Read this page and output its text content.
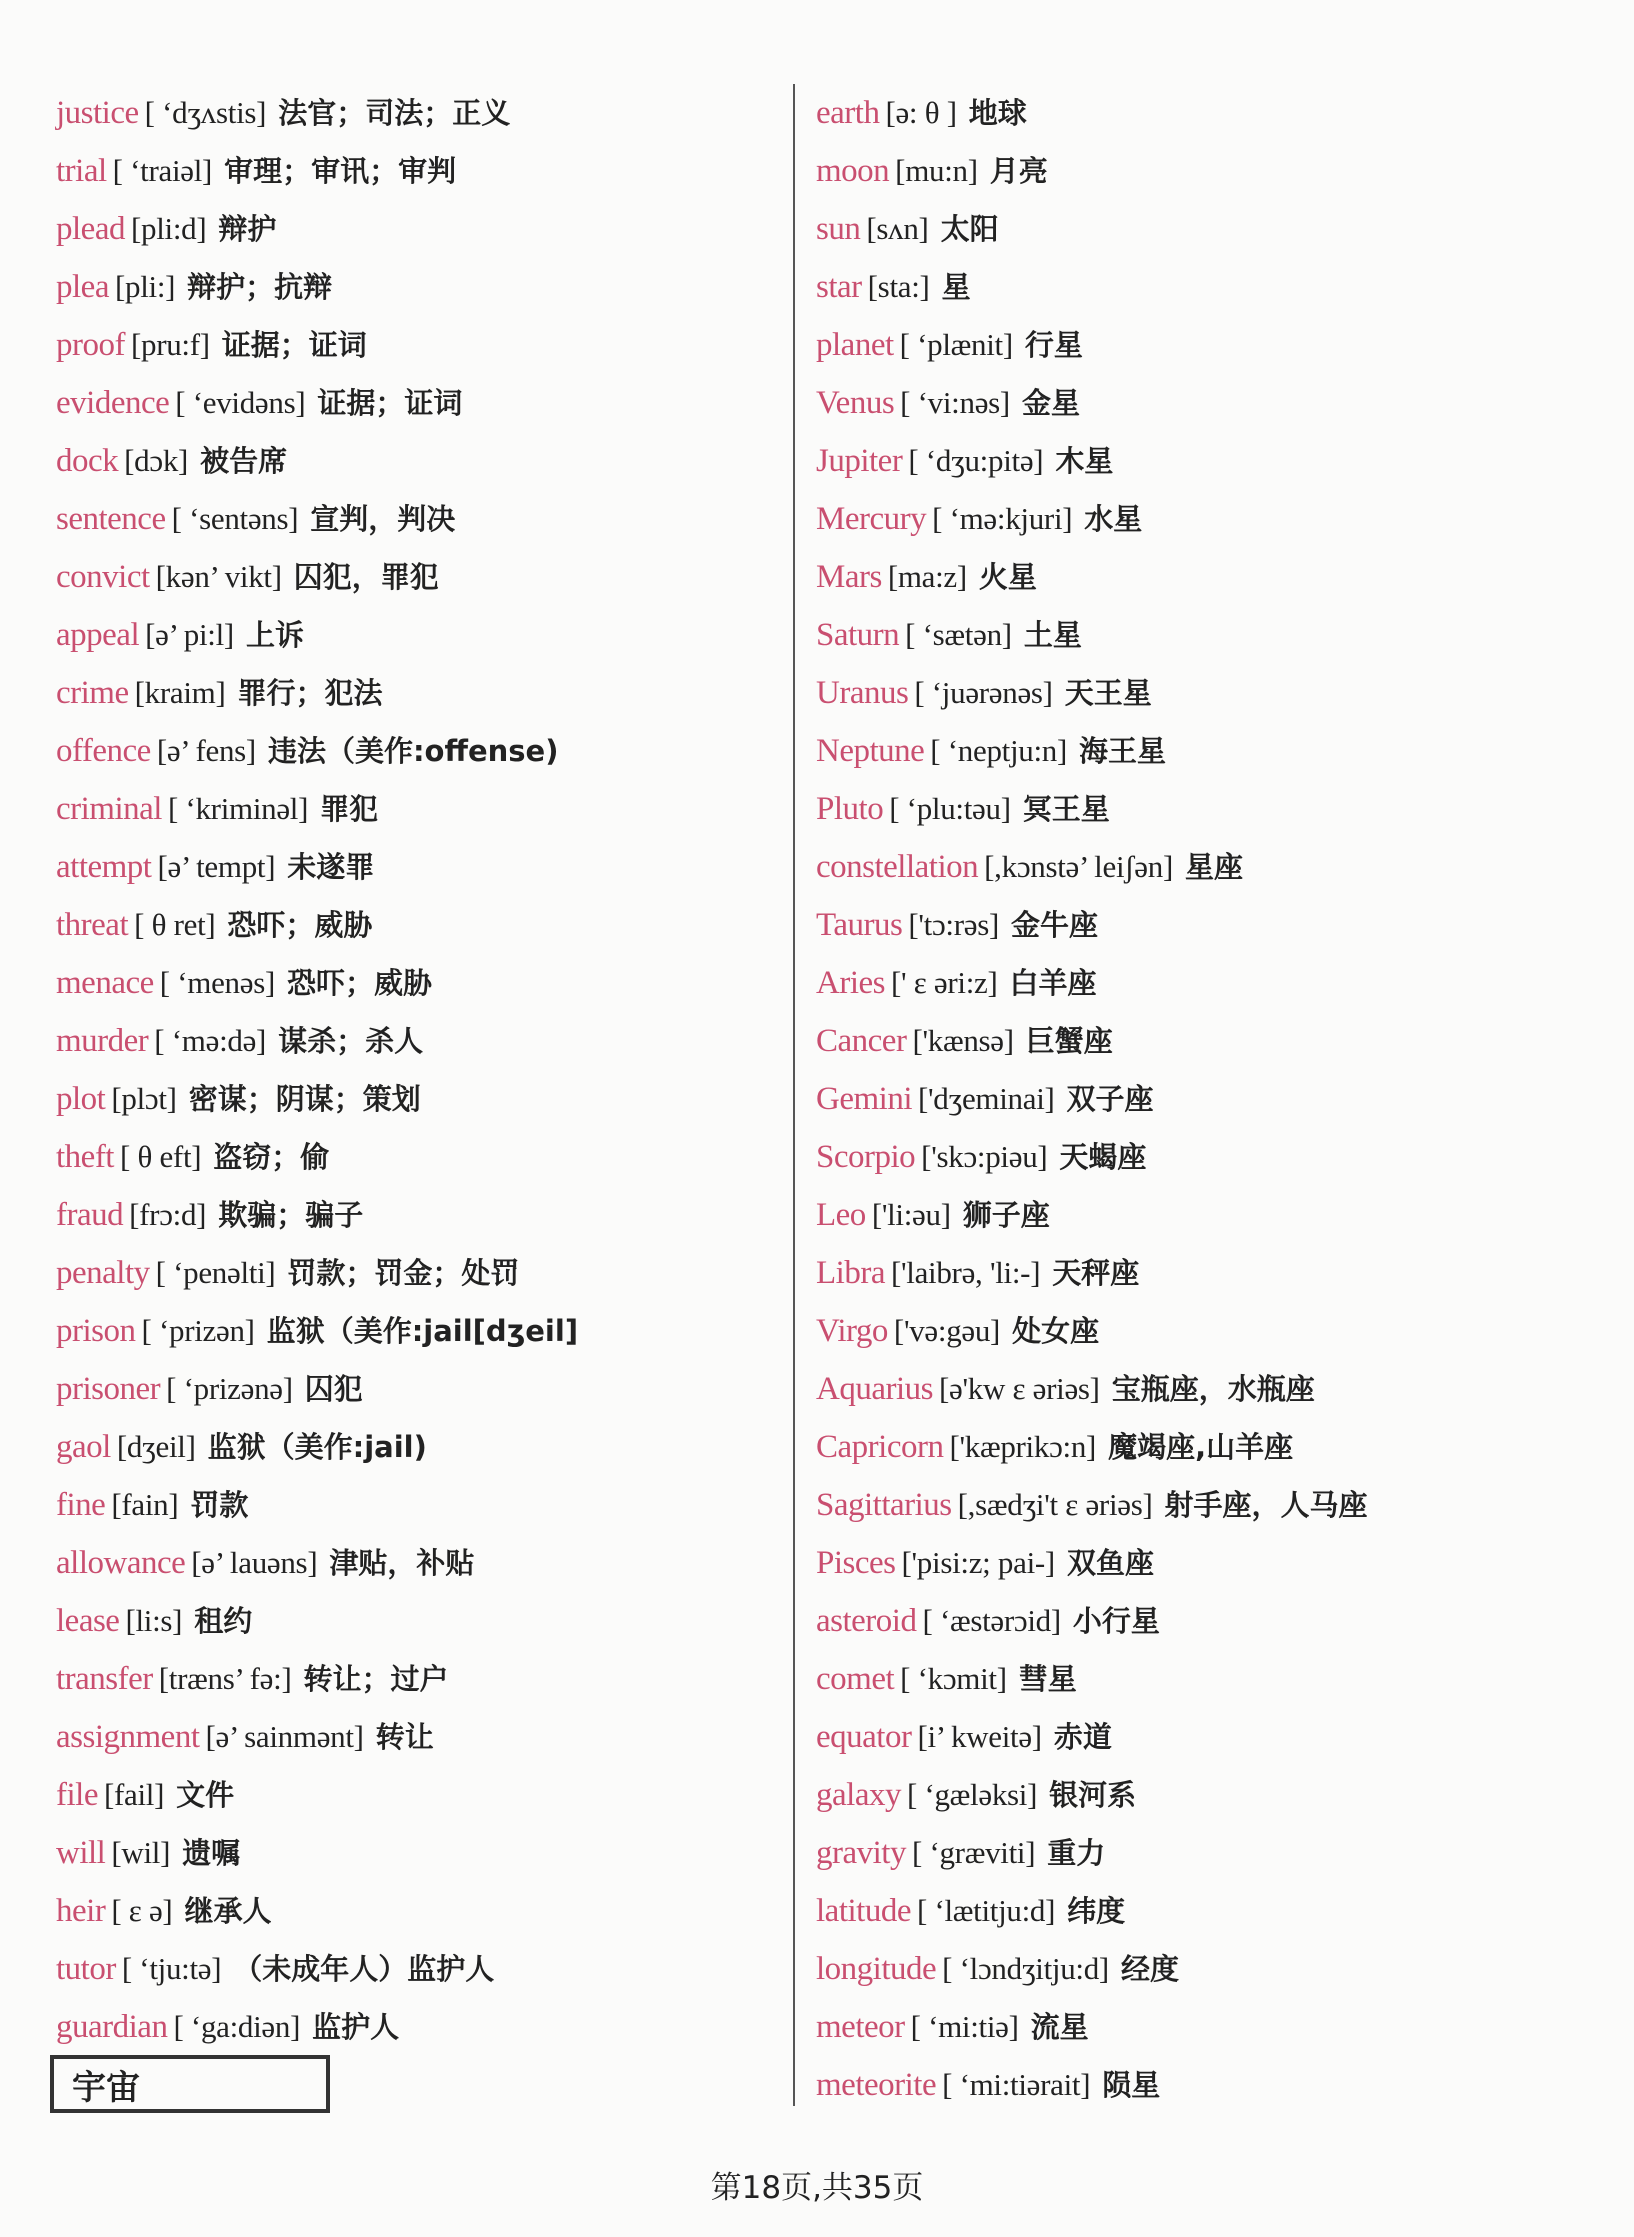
justice [ ‘dʒʌstis] 法官；司法；正义
trial [ ‘traiəl] 审理；审讯；审判
plead [pli:d] 辩护
plea [pli:] 辩护；抗辩
proof [pru:f] 证据；证词
evidence [ ‘evidəns] 证据；证词
dock [dɔk] 被告席
sentence [ ‘sentəns] 宣判，判决
convict [kən’ vikt] 囚犯，罪犯
appeal [ə’ pi:l] 上诉
crime [kraim] 罪行；犯法
offence [ə’ fens] 违法（美作:offense)
criminal [ ‘kriminəl] 罪犯
attempt [ə’ tempt] 未遂罪
threat [ θ ret] 恐吓；威胁
menace [ ‘menəs] 恐吓；威胁
murder [ ‘mə:də] 谋杀；杀人
plot [plɔt] 密谋；阴谋；策划
theft [ θ eft] 盗窃；偷
fraud [frɔ:d] 欺骗；骗子
penalty [ ‘penəlti] 罚款；罚金；处罚
prison [ ‘prizən] 监狱（美作:jail[dʒeil]
prisoner [ ‘prizənə] 囚犯
gaol [dʒeil] 监狱（美作:jail)
fine [fain] 罚款
allowance [ə’ lauəns] 津贴，补贴
lease [li:s] 租约
transfer [træns’ fə:] 转让；过户
assignment [ə’ sainmənt] 转让
file [fail] 文件
will [wil] 遗嘱
heir [ ε ə] 继承人
tutor [ ‘tju:tə] （未成年人）监护人
guardian [ ‘ga:diən] 监护人
earth [ə: θ ] 地球
moon [mu:n] 月亮
sun [sʌn] 太阳
star [sta:] 星
planet [ ‘plænit] 行星
Venus [ ‘vi:nəs] 金星
Jupiter [ ‘dʒu:pitə] 木星
Mercury [ ‘mə:kjuri] 水星
Mars [ma:z] 火星
Saturn [ ‘sætən] 土星
Uranus [ ‘juərənəs] 天王星
Neptune [ ‘neptju:n] 海王星
Pluto [ ‘plu:təu] 冥王星
constellation [,kɔnstə’ leiʃən] 星座
Taurus ['tɔ:rəs] 金牛座
Aries [' ε əri:z] 白羊座
Cancer ['kænsə] 巨蟹座
Gemini ['dʒeminai] 双子座
Scorpio ['skɔ:piəu] 天蝎座
Leo ['li:əu] 狮子座
Libra ['laibrə, 'li:-] 天秤座
Virgo ['və:gəu] 处女座
Aquarius [ə'kw ε əriəs] 宝瓶座，水瓶座
Capricorn ['kæprikɔ:n] 魔竭座,山羊座
Sagittarius [,sædʒi't ε əriəs] 射手座，人马座
Pisces ['pisi:z; pai-] 双鱼座
asteroid [ ‘æstərɔid] 小行星
comet [ ‘kɔmit] 彗星
equator [i’ kweitə] 赤道
galaxy [ ‘gæləksi] 银河系
gravity [ ‘græviti] 重力
latitude [ ‘lætitju:d] 纬度
longitude [ ‘lɔndʒitju:d] 经度
meteor [ ‘mi:tiə] 流星
meteorite [ ‘mi:tiərait] 陨星
宇宙
第18页,共35页
